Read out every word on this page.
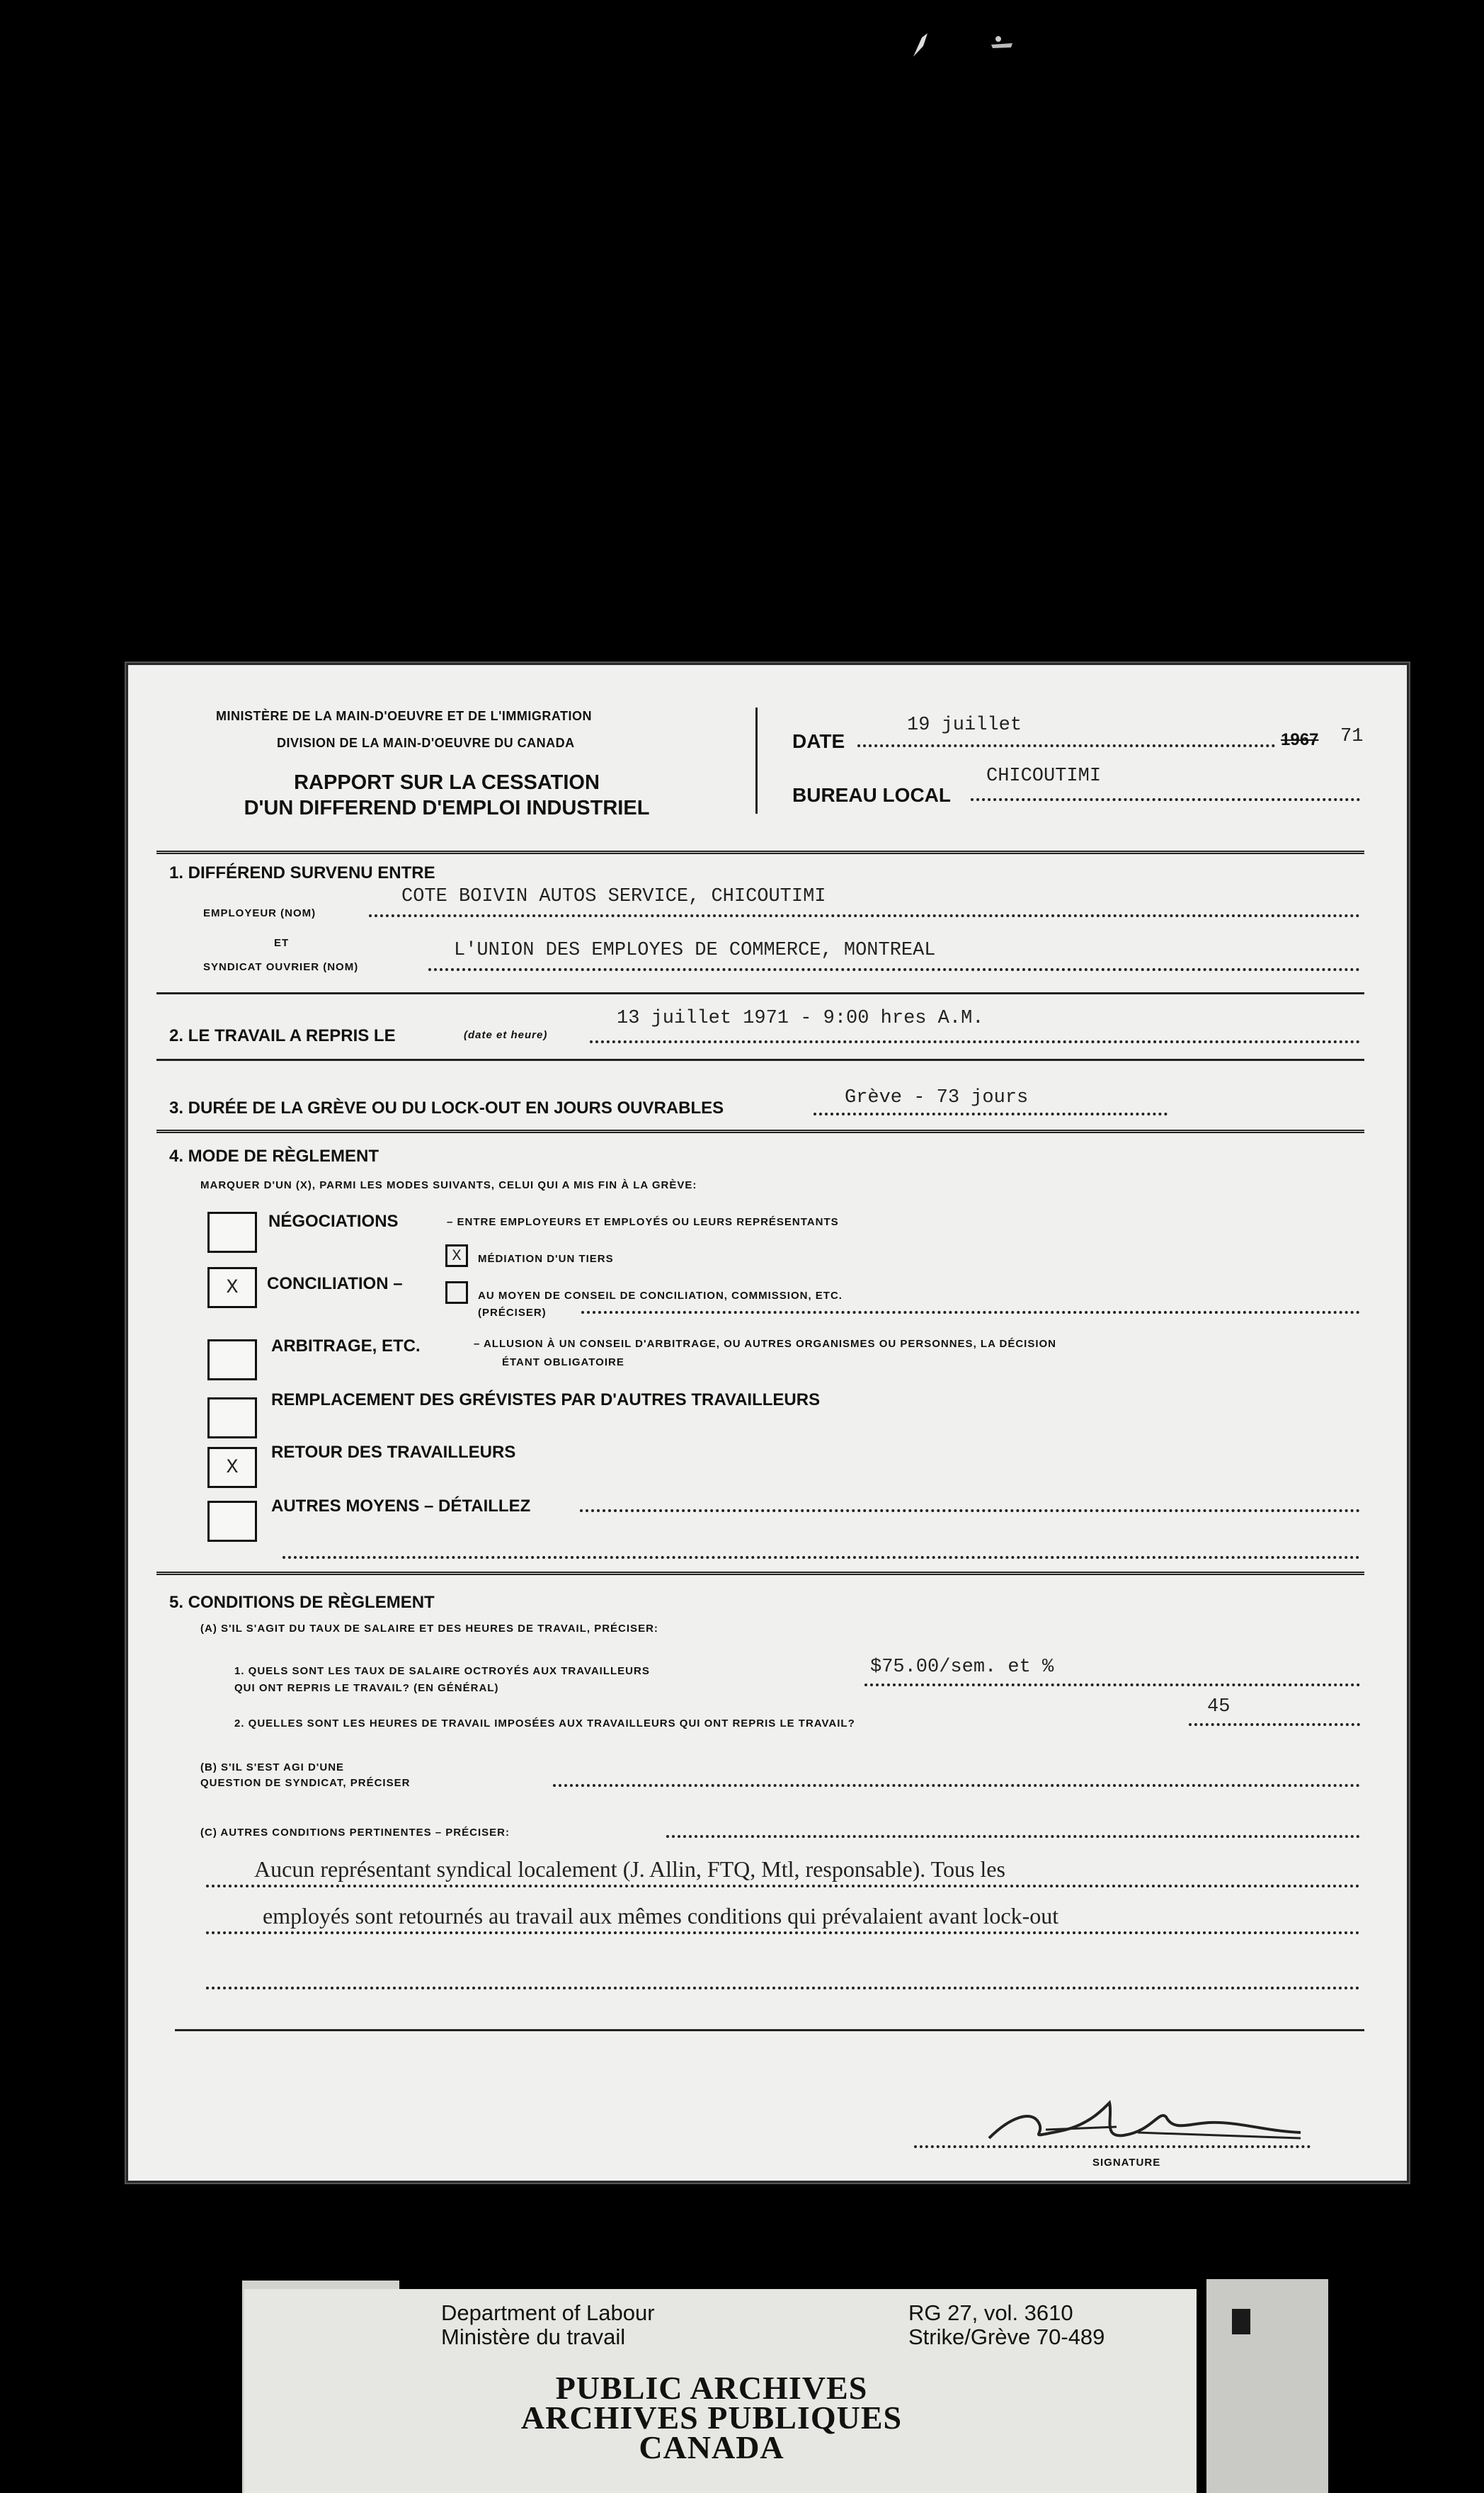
MINISTÈRE DE LA MAIN-D'OEUVRE ET DE L'IMMIGRATION
DIVISION DE LA MAIN-D'OEUVRE DU CANADA
RAPPORT SUR LA CESSATION
D'UN DIFFEREND D'EMPLOI INDUSTRIEL
DATE
19 juillet
1967 71
BUREAU LOCAL
CHICOUTIMI
1. DIFFÉREND SURVENU ENTRE
EMPLOYEUR (NOM)
COTE BOIVIN AUTOS SERVICE, CHICOUTIMI
ET
SYNDICAT OUVRIER (NOM)
L'UNION DES EMPLOYES DE COMMERCE, MONTREAL
2. LE TRAVAIL A REPRIS LE	(date et heure)
13 juillet 1971 - 9:00 hres A.M.
3. DURÉE DE LA GRÈVE OU DU LOCK-OUT EN JOURS OUVRABLES	Grève - 73 jours
4. MODE DE RÈGLEMENT
MARQUER D'UN (X), PARMI LES MODES SUIVANTS, CELUI QUI A MIS FIN À LA GRÈVE:
NÉGOCIATIONS	– ENTRE EMPLOYEURS ET EMPLOYÉS OU LEURS REPRÉSENTANTS
X	MÉDIATION D'UN TIERS
X	CONCILIATION –
AU MOYEN DE CONSEIL DE CONCILIATION, COMMISSION, ETC.
(PRÉCISER)
ARBITRAGE, ETC.	– ALLUSION À UN CONSEIL D'ARBITRAGE, OU AUTRES ORGANISMES OU PERSONNES, LA DÉCISION
ÉTANT OBLIGATOIRE
REMPLACEMENT DES GRÉVISTES PAR D'AUTRES TRAVAILLEURS
X
RETOUR DES TRAVAILLEURS
AUTRES MOYENS – DÉTAILLEZ
5. CONDITIONS DE RÈGLEMENT
(A) S'IL S'AGIT DU TAUX DE SALAIRE ET DES HEURES DE TRAVAIL, PRÉCISER:
1. QUELS SONT LES TAUX DE SALAIRE OCTROYÉS AUX TRAVAILLEURS
QUI ONT REPRIS LE TRAVAIL? (EN GÉNÉRAL)
$75.00/sem. et %
2. QUELLES SONT LES HEURES DE TRAVAIL IMPOSÉES AUX TRAVAILLEURS QUI ONT REPRIS LE TRAVAIL?
45
(B) S'IL S'EST AGI D'UNE
QUESTION DE SYNDICAT, PRÉCISER
(C) AUTRES CONDITIONS PERTINENTES – PRÉCISER:
Aucun représentant syndical localement (J. Allin, FTQ, Mtl, responsable). Tous les
employés sont retournés au travail aux mêmes conditions qui prévalaient avant lock-out
SIGNATURE
Department of Labour
Ministère du travail
RG 27, vol. 3610
Strike/Grève 70-489
PUBLIC ARCHIVES
ARCHIVES PUBLIQUES
CANADA
